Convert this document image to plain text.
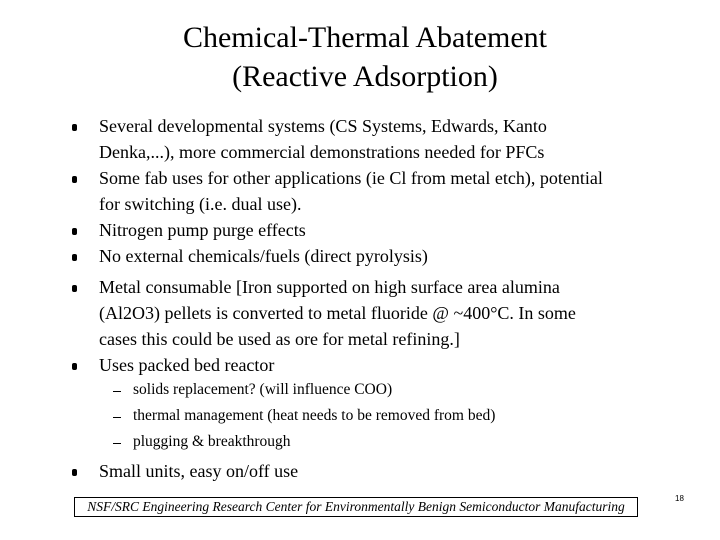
Chemical-Thermal Abatement
(Reactive Adsorption)
Several developmental systems (CS Systems, Edwards, Kanto
Denka,...), more commercial demonstrations needed for PFCs
Some fab uses for other applications (ie Cl from metal etch), potential
for switching (i.e. dual use).
Nitrogen pump purge effects
No external chemicals/fuels (direct pyrolysis)
Metal consumable [Iron supported on high surface area alumina
(Al2O3) pellets is converted to metal fluoride @ ~400°C. In some
cases this could be used as ore for metal refining.]
Uses packed bed reactor
solids replacement? (will influence COO)
thermal management (heat needs to be removed from bed)
plugging & breakthrough
Small units, easy on/off use
NSF/SRC Engineering Research Center for Environmentally Benign Semiconductor Manufacturing
18
